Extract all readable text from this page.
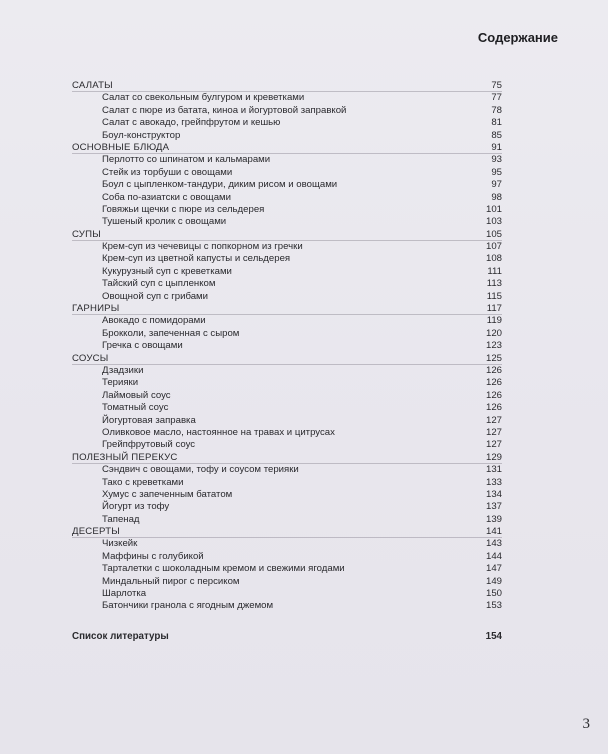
Содержание
САЛАТЫ	75
Салат со свекольным булгуром и креветками	77
Салат с пюре из батата, киноа и йогуртовой заправкой	78
Салат с авокадо, грейпфрутом и кешью	81
Боул-конструктор	85
ОСНОВНЫЕ БЛЮДА	91
Перлотто со шпинатом и кальмарами	93
Стейк из торбуши с овощами	95
Боул с цыпленком-тандури, диким рисом и овощами	97
Соба по-азиатски с овощами	98
Говяжьи щечки с пюре из сельдерея	101
Тушеный кролик с овощами	103
СУПЫ	105
Крем-суп из чечевицы с попкорном из гречки	107
Крем-суп из цветной капусты и сельдерея	108
Кукурузный суп с креветками	111
Тайский суп с цыпленком	113
Овощной суп с грибами	115
ГАРНИРЫ	117
Авокадо с помидорами	119
Брокколи, запеченная с сыром	120
Гречка с овощами	123
СОУСЫ	125
Дзадзики	126
Терияки	126
Лаймовый соус	126
Томатный соус	126
Йогуртовая заправка	127
Оливковое масло, настоянное на травах и цитрусах	127
Грейпфрутовый соус	127
ПОЛЕЗНЫЙ ПЕРЕКУС	129
Сэндвич с овощами, тофу и соусом терияки	131
Тако с креветками	133
Хумус с запеченным бататом	134
Йогурт из тофу	137
Тапенад	139
ДЕСЕРТЫ	141
Чизкейк	143
Маффины с голубикой	144
Тарталетки с шоколадным кремом и свежими ягодами	147
Миндальный пирог с персиком	149
Шарлотка	150
Батончики гранола с ягодным джемом	153
Список литературы	154
3
